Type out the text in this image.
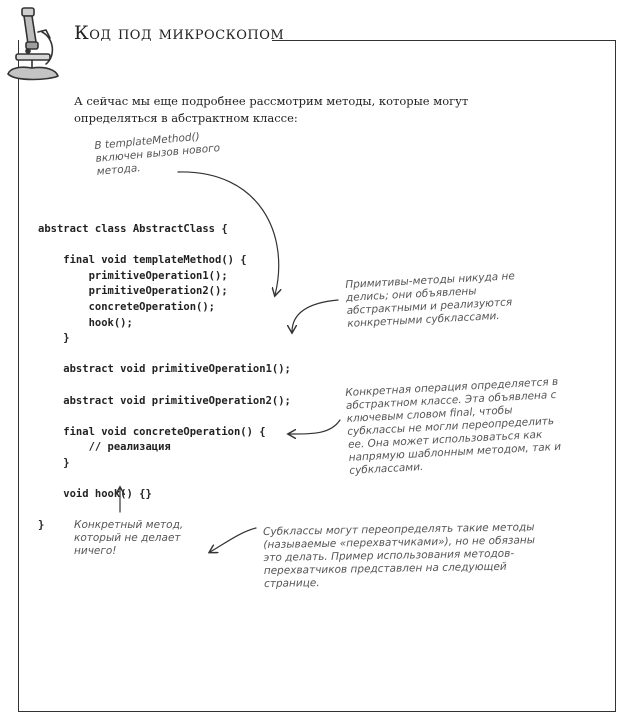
Код под микроскопом
А сейчас мы еще подробнее рассмотрим методы, которые могут определяться в абстрактном классе:
abstract class AbstractClass {

final void templateMethod() {
primitiveOperation1();
primitiveOperation2();
concreteOperation();
hook();
}

abstract void primitiveOperation1();

abstract void primitiveOperation2();

final void concreteOperation() {
// реализация
}

void hook() {}

}

В templateMethod() включен вызов нового метода.
Примитивы-методы никуда не делись; они объявлены абстрактными и реализуются конкретными субклассами.
Конкретная операция определяется в абстрактном классе. Эта объявлена с ключевым словом final, чтобы субклассы не могли переопределить ее. Она может использоваться как напрямую шаблонным методом, так и субклассами.
Конкретный метод, который не делает ничего!
Субклассы могут переопределять такие методы (называемые «перехватчиками»), но не обязаны это делать. Пример использования методов-перехватчиков представлен на следующей странице.
